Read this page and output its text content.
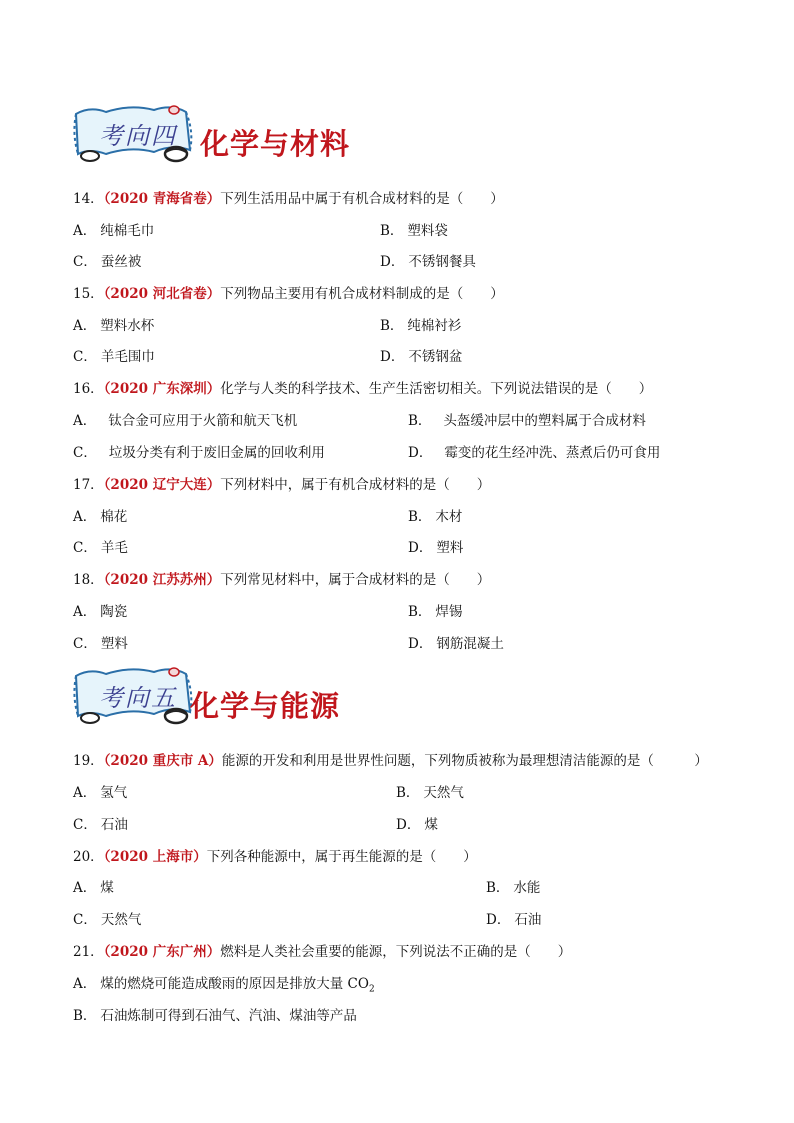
考向四 化学与材料
14．（2020 青海省卷）下列生活用品中属于有机合成材料的是（　　）
A． 纯棉毛巾	B． 塑料袋
C． 蚕丝被	D． 不锈钢餐具
15．（2020 河北省卷）下列物品主要用有机合成材料制成的是（　　）
A． 塑料水杯	B． 纯棉衬衫
C． 羊毛围巾	D． 不锈钢盆
16．（2020 广东深圳）化学与人类的科学技术、生产生活密切相关。下列说法错误的是（　　）
A． 钛合金可应用于火箭和航天飞机	B． 头盔缓冲层中的塑料属于合成材料
C． 垃圾分类有利于废旧金属的回收利用	D． 霉变的花生经冲洗、蒸煮后仍可食用
17．（2020 辽宁大连）下列材料中，属于有机合成材料的是（　　）
A． 棉花	B． 木材
C． 羊毛	D． 塑料
18．（2020 江苏苏州）下列常见材料中，属于合成材料的是（　　）
A． 陶瓷	B． 焊锡
C． 塑料	D． 钢筋混凝土
考向五 化学与能源
19．（2020 重庆市 A）能源的开发和利用是世界性问题，下列物质被称为最理想清洁能源的是（　　　）
A． 氢气	B． 天然气
C． 石油	D． 煤
20．（2020 上海市）下列各种能源中，属于再生能源的是（　　）
A． 煤	B． 水能
C． 天然气	D． 石油
21．（2020 广东广州）燃料是人类社会重要的能源，下列说法不正确的是（　　）
A． 煤的燃烧可能造成酸雨的原因是排放大量 $CO_2$
B． 石油炼制可得到石油气、汽油、煤油等产品
